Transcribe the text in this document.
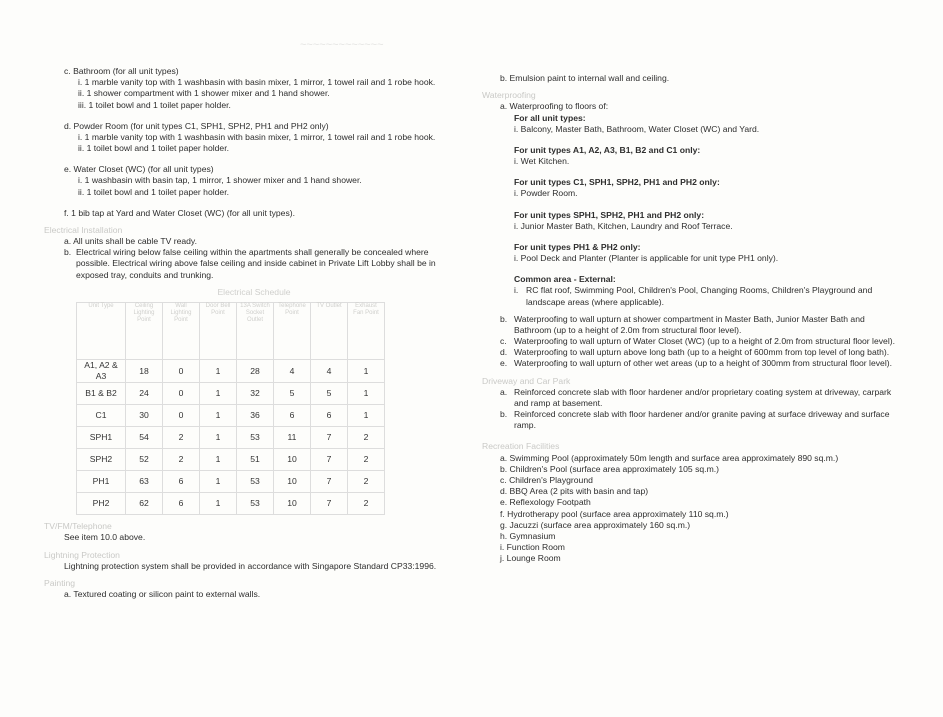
~~~~~~~~~~~~~
c. Bathroom (for all unit types)
i. 1 marble vanity top with 1 washbasin with basin mixer, 1 mirror, 1 towel rail and 1 robe hook.
ii. 1 shower compartment with 1 shower mixer and 1 hand shower.
iii. 1 toilet bowl and 1 toilet paper holder.
d. Powder Room (for unit types C1, SPH1, SPH2, PH1 and PH2 only)
i. 1 marble vanity top with 1 washbasin with basin mixer, 1 mirror, 1 towel rail and 1 robe hook.
ii. 1 toilet bowl and 1 toilet paper holder.
e. Water Closet (WC) (for all unit types)
i. 1 washbasin with basin tap, 1 mirror, 1 shower mixer and 1 hand shower.
ii. 1 toilet bowl and 1 toilet paper holder.
f. 1 bib tap at Yard and Water Closet (WC) (for all unit types).
Electrical Installation
a. All units shall be cable TV ready.
b. Electrical wiring below false ceiling within the apartments shall generally be concealed where possible. Electrical wiring above false ceiling and inside cabinet in Private Lift Lobby shall be in exposed tray, conduits and trunking.
Electrical Schedule
Unit Type	Ceiling Lighting Point	Wall Lighting Point	Door Bell Point	13A Switch Socket Outlet	Telephone Point	TV Outlet	Exhaust Fan Point
A1, A2 & A3	18	0	1	28	4	4	1
B1 & B2	24	0	1	32	5	5	1
C1	30	0	1	36	6	6	1
SPH1	54	2	1	53	11	7	2
SPH2	52	2	1	51	10	7	2
PH1	63	6	1	53	10	7	2
PH2	62	6	1	53	10	7	2
TV/FM/Telephone
See item 10.0 above.
Lightning Protection
Lightning protection system shall be provided in accordance with Singapore Standard CP33:1996.
Painting
a. Textured coating or silicon paint to external walls.
b. Emulsion paint to internal wall and ceiling.
Waterproofing
a. Waterproofing to floors of:
For all unit types:
i. Balcony, Master Bath, Bathroom, Water Closet (WC) and Yard.
For unit types A1, A2, A3, B1, B2 and C1 only:
i. Wet Kitchen.
For unit types C1, SPH1, SPH2, PH1 and PH2 only:
i. Powder Room.
For unit types SPH1, SPH2, PH1 and PH2 only:
i. Junior Master Bath, Kitchen, Laundry and Roof Terrace.
For unit types PH1 & PH2 only:
i. Pool Deck and Planter (Planter is applicable for unit type PH1 only).
Common area - External:
i. RC flat roof, Swimming Pool, Children's Pool, Changing Rooms, Children's Playground and landscape areas (where applicable).
b. Waterproofing to wall upturn at shower compartment in Master Bath, Junior Master Bath and Bathroom (up to a height of 2.0m from structural floor level).
c. Waterproofing to wall upturn of Water Closet (WC) (up to a height of 2.0m from structural floor level).
d. Waterproofing to wall upturn above long bath (up to a height of 600mm from top level of long bath).
e. Waterproofing to wall upturn of other wet areas (up to a height of 300mm from structural floor level).
Driveway and Car Park
a. Reinforced concrete slab with floor hardener and/or proprietary coating system at driveway, carpark and ramp at basement.
b. Reinforced concrete slab with floor hardener and/or granite paving at surface driveway and surface ramp.
Recreation Facilities
a. Swimming Pool (approximately 50m length and surface area approximately 890 sq.m.)
b. Children's Pool (surface area approximately 105 sq.m.)
c. Children's Playground
d. BBQ Area (2 pits with basin and tap)
e. Reflexology Footpath
f. Hydrotherapy pool (surface area approximately 110 sq.m.)
g. Jacuzzi (surface area approximately 160 sq.m.)
h. Gymnasium
i. Function Room
j. Lounge Room
